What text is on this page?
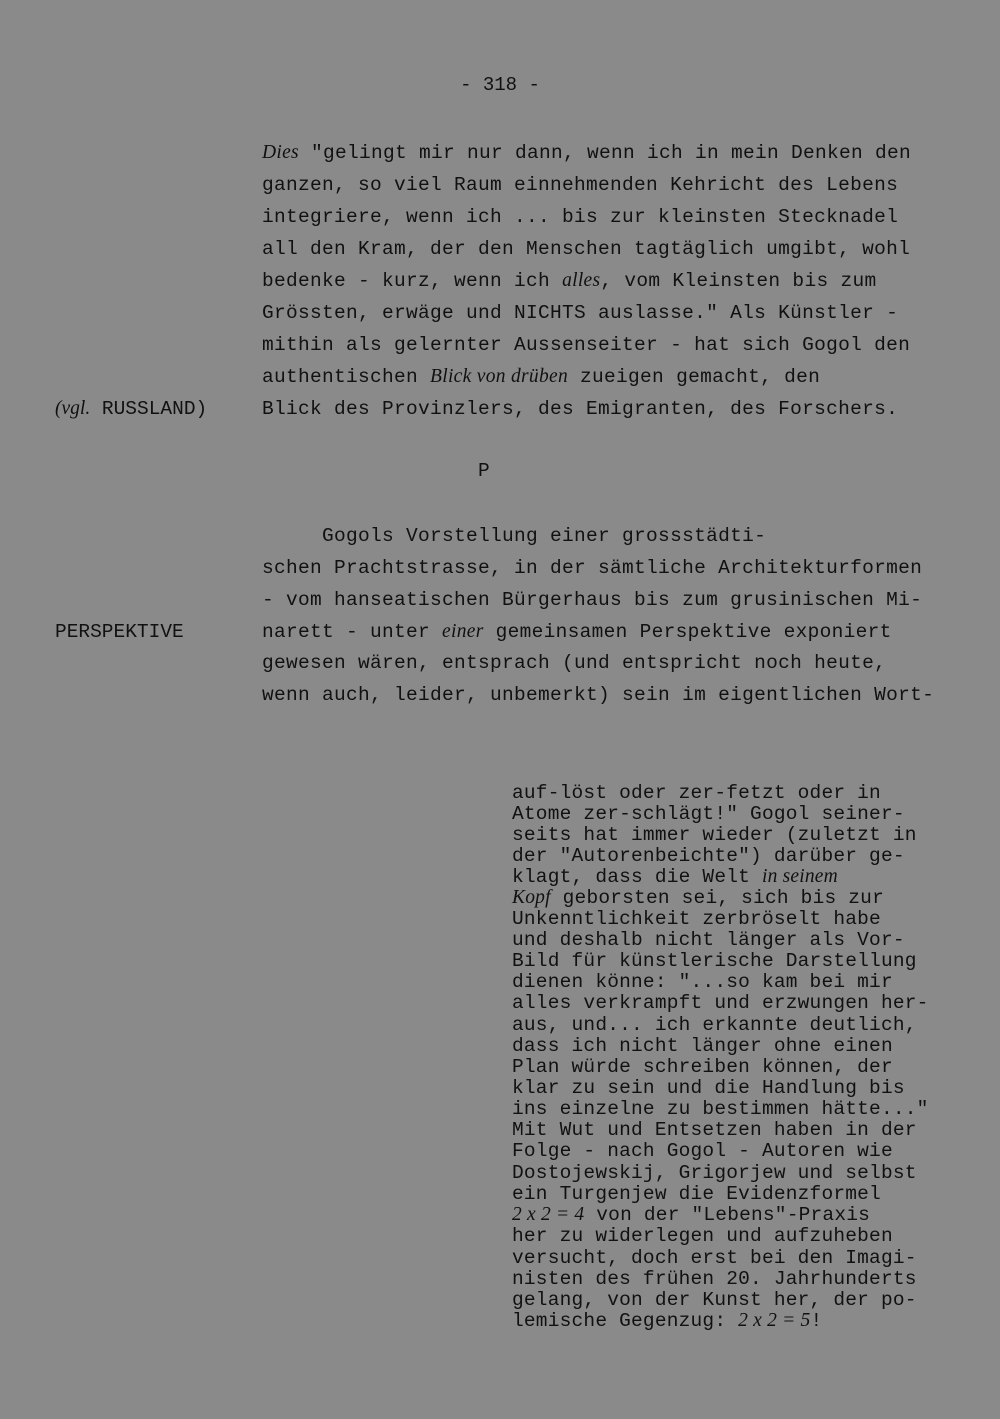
- 318 -
Dies "gelingt mir nur dann, wenn ich in mein Denken den
ganzen, so viel Raum einnehmenden Kehricht des Lebens
integriere, wenn ich ... bis zur kleinsten Stecknadel
all den Kram, der den Menschen tagtäglich umgibt, wohl
bedenke - kurz, wenn ich alles, vom Kleinsten bis zum
Grössten, erwäge und NICHTS auslasse." Als Künstler -
mithin als gelernter Aussenseiter - hat sich Gogol den
authentischen Blick von drüben zueigen gemacht, den
Blick des Provinzlers, des Emigranten, des Forschers.
(vgl. RUSSLAND)
P
Gogols Vorstellung einer grossstädti-
schen Prachtstrasse, in der sämtliche Architekturformen
- vom hanseatischen Bürgerhaus bis zum grusinischen Mi-
narett - unter einer gemeinsamen Perspektive exponiert
gewesen wären, entsprach (und entspricht noch heute,
wenn auch, leider, unbemerkt) sein im eigentlichen Wort-
PERSPEKTIVE
auf-löst oder zer-fetzt oder in
Atome zer-schlägt!" Gogol seiner-
seits hat immer wieder (zuletzt in
der "Autorenbeichte") darüber ge-
klagt, dass die Welt in seinem
Kopf geborsten sei, sich bis zur
Unkenntlichkeit zerbröselt habe
und deshalb nicht länger als Vor-
Bild für künstlerische Darstellung
dienen könne: "...so kam bei mir
alles verkrampft und erzwungen her-
aus, und... ich erkannte deutlich,
dass ich nicht länger ohne einen
Plan würde schreiben können, der
klar zu sein und die Handlung bis
ins einzelne zu bestimmen hätte..."
Mit Wut und Entsetzen haben in der
Folge - nach Gogol - Autoren wie
Dostojewskij, Grigorjew und selbst
ein Turgenjew die Evidenzformel
2 x 2 = 4 von der "Lebens"-Praxis
her zu widerlegen und aufzuheben
versucht, doch erst bei den Imagi-
nisten des frühen 20. Jahrhunderts
gelang, von der Kunst her, der po-
lemische Gegenzug: 2 x 2 = 5!
